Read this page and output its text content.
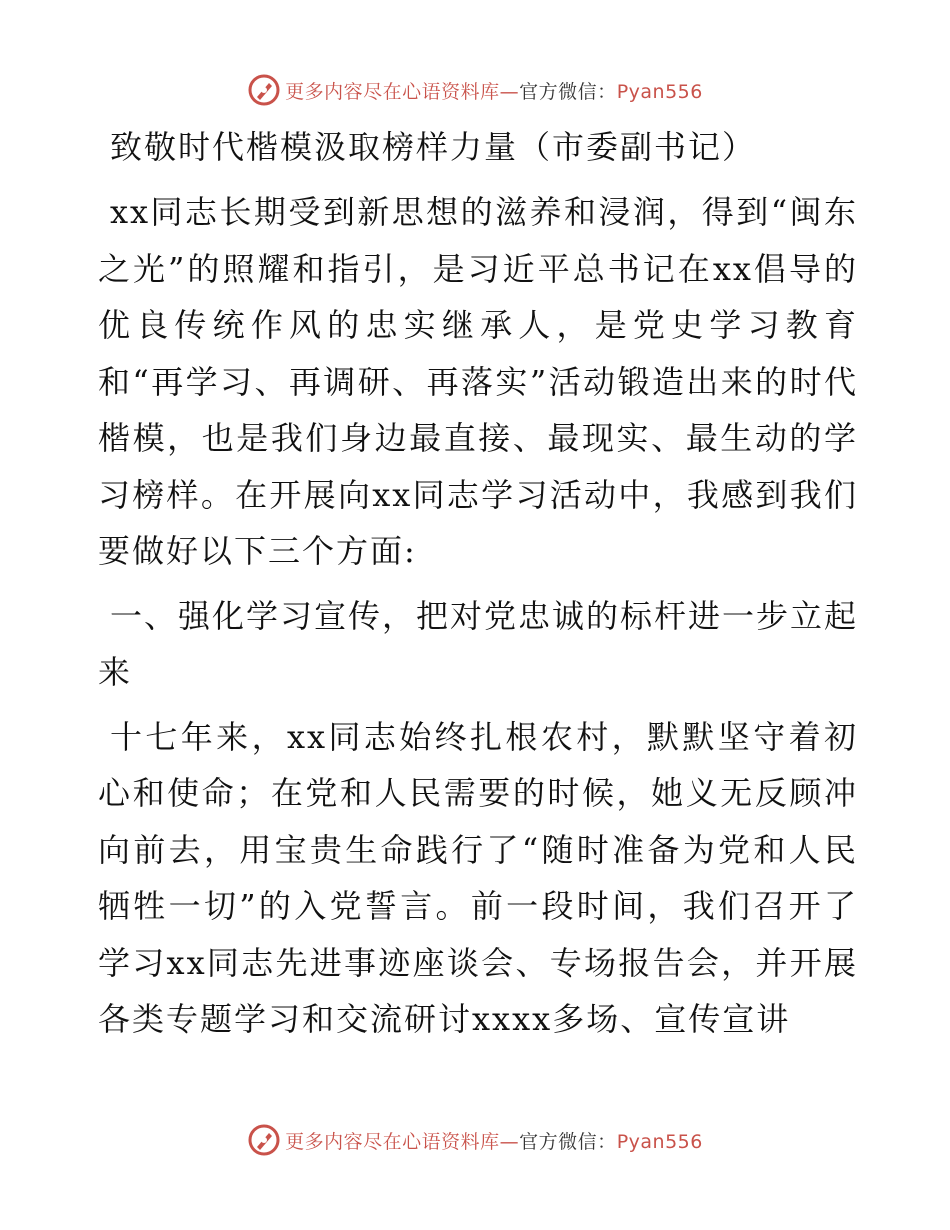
更多内容尽在心语资料库—官方微信：Pyan556
致敬时代楷模汲取榜样力量（市委副书记）

xx同志长期受到新思想的滋养和浸润，得到“闽东之光”的照耀和指引，是习近平总书记在xx倡导的优良传统作风的忠实继承人，是党史学习教育和“再学习、再调研、再落实”活动锻造出来的时代楷模，也是我们身边最直接、最现实、最生动的学习榜样。在开展向xx同志学习活动中，我感到我们要做好以下三个方面:

一、强化学习宣传，把对党忠诚的标杆进一步立起来

十七年来，xx同志始终扎根农村，默默坚守着初心和使命；在党和人民需要的时候，她义无反顾冲向前去，用宝贵生命践行了“随时准备为党和人民牺牲一切”的入党誓言。前一段时间，我们召开了学习xx同志先进事迹座谈会、专场报告会，并开展各类专题学习和交流研讨xxxx多场、宣传宣讲

更多内容尽在心语资料库—官方微信：Pyan556
